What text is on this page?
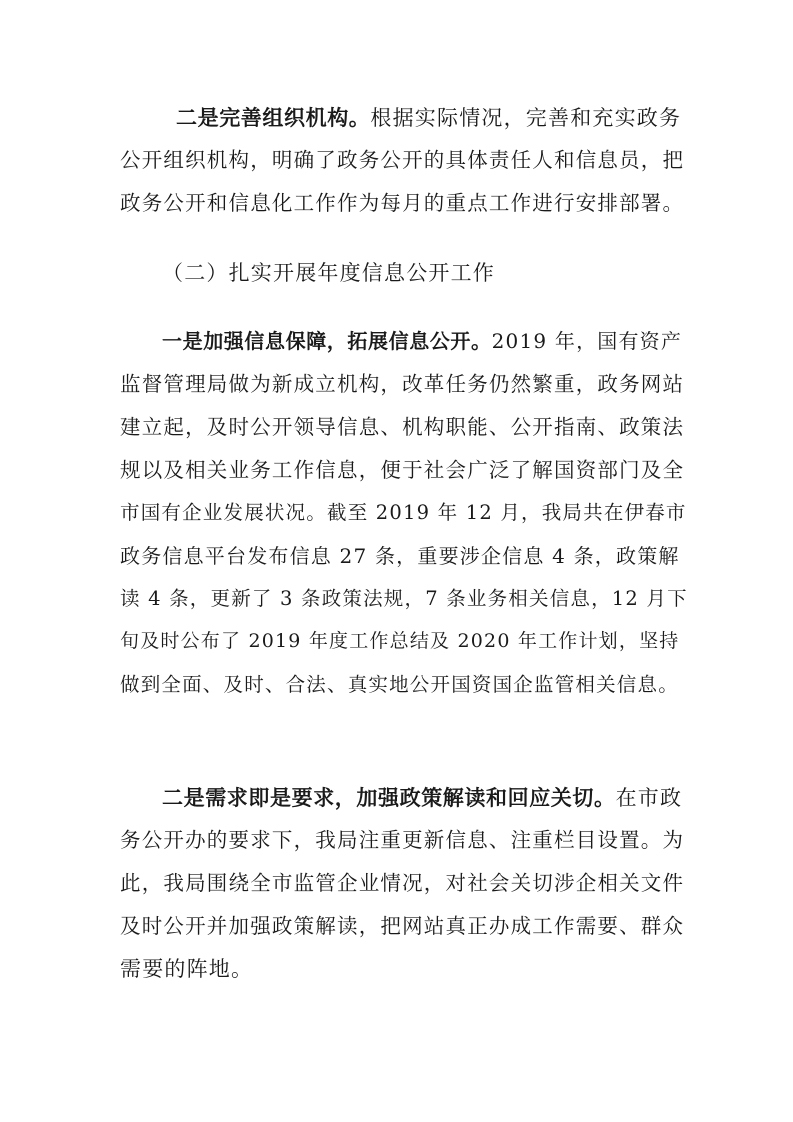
二是完善组织机构。根据实际情况，完善和充实政务
公开组织机构，明确了政务公开的具体责任人和信息员，把
政务公开和信息化工作作为每月的重点工作进行安排部署。
（二）扎实开展年度信息公开工作
一是加强信息保障，拓展信息公开。2019 年，国有资产
监督管理局做为新成立机构，改革任务仍然繁重，政务网站
建立起，及时公开领导信息、机构职能、公开指南、政策法
规以及相关业务工作信息，便于社会广泛了解国资部门及全
市国有企业发展状况。截至 2019 年 12 月，我局共在伊春市
政务信息平台发布信息 27 条，重要涉企信息 4 条，政策解
读 4 条，更新了 3 条政策法规，7 条业务相关信息，12 月下
旬及时公布了 2019 年度工作总结及 2020 年工作计划，坚持
做到全面、及时、合法、真实地公开国资国企监管相关信息。
二是需求即是要求，加强政策解读和回应关切。在市政
务公开办的要求下，我局注重更新信息、注重栏目设置。为
此，我局围绕全市监管企业情况，对社会关切涉企相关文件
及时公开并加强政策解读，把网站真正办成工作需要、群众
需要的阵地。
